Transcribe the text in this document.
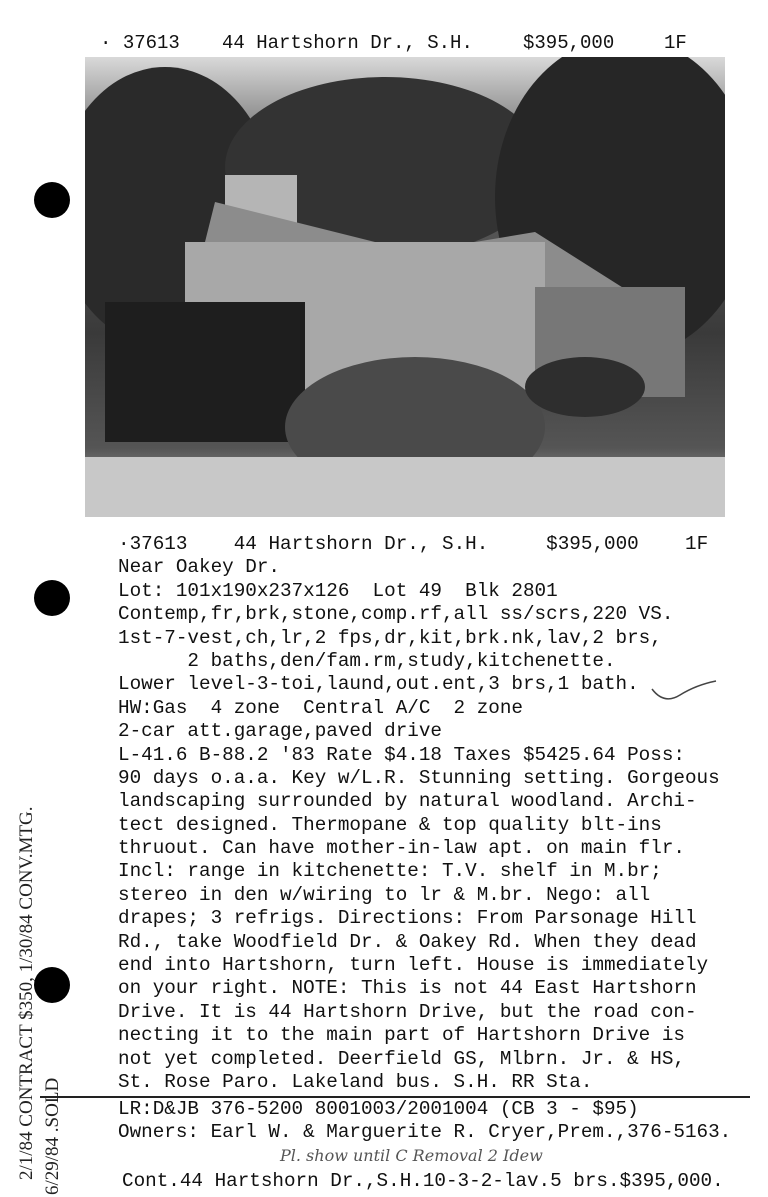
· 37613 44 Hartshorn Dr., S.H.	$395,000	1F
·37613 44 Hartshorn Dr., S.H.	$395,000 1F
Near Oakey Dr.
Lot: 101x190x237x126  Lot 49  Blk 2801
Contemp,fr,brk,stone,comp.rf,all ss/scrs,220 VS.
1st-7-vest,ch,lr,2 fps,dr,kit,brk.nk,lav,2 brs,
2 baths,den/fam.rm,study,kitchenette.
Lower level-3-toi,laund,out.ent,3 brs,1 bath.
HW:Gas  4 zone  Central A/C  2 zone
2-car att.garage,paved drive
L-41.6 B-88.2 '83 Rate $4.18 Taxes $5425.64 Poss:
90 days o.a.a. Key w/L.R. Stunning setting. Gorgeous
landscaping surrounded by natural woodland. Archi-
tect designed. Thermopane & top quality blt-ins
thruout. Can have mother-in-law apt. on main flr.
Incl: range in kitchenette: T.V. shelf in M.br;
stereo in den w/wiring to lr & M.br. Nego: all
drapes; 3 refrigs. Directions: From Parsonage Hill
Rd., take Woodfield Dr. & Oakey Rd. When they dead
end into Hartshorn, turn left. House is immediately
on your right. NOTE: This is not 44 East Hartshorn
Drive. It is 44 Hartshorn Drive, but the road con-
necting it to the main part of Hartshorn Drive is
not yet completed. Deerfield GS, Mlbrn. Jr. & HS,
St. Rose Paro. Lakeland bus. S.H. RR Sta.
LR:D&JB 376-5200 8001003/2001004 (CB 3 - $95)
Owners: Earl W. & Marguerite R. Cryer,Prem.,376-5163.
Pl. show until C Removal 2 Idew
Cont.44 Hartshorn Dr.,S.H.10-3-2-lav.5 brs.$395,000.
2/1/84 CONTRACT $350, 1/30/84 CONV.MTG. 6/29/84 .SOLD
